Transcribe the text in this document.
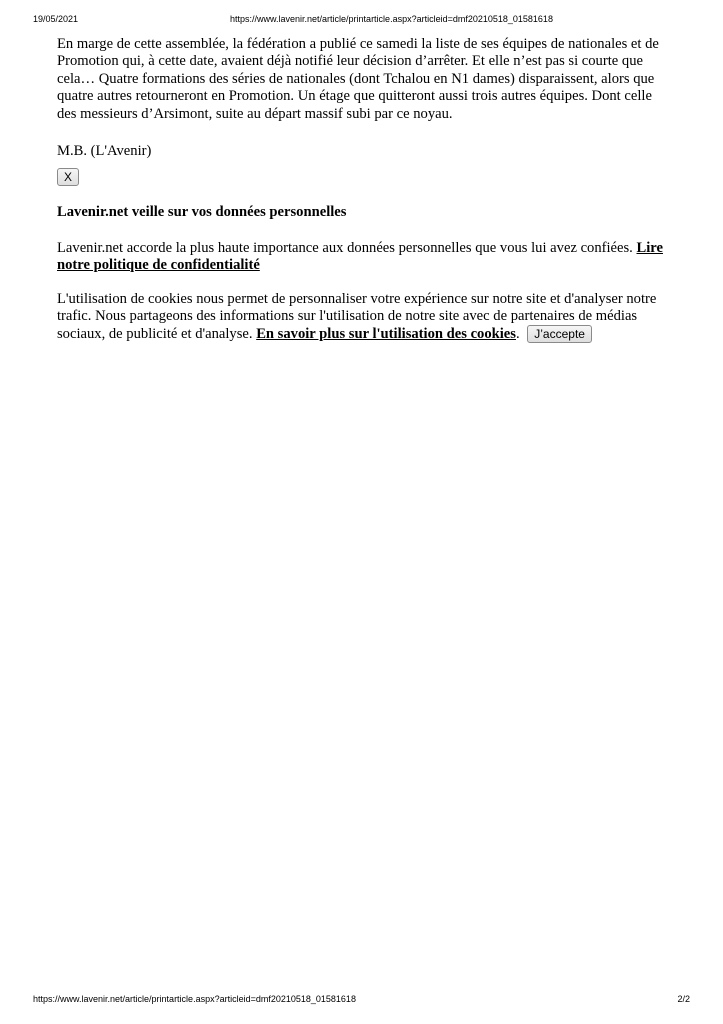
19/05/2021	https://www.lavenir.net/article/printarticle.aspx?articleid=dmf20210518_01581618

En marge de cette assemblée, la fédération a publié ce samedi la liste de ses équipes de nationales et de Promotion qui, à cette date, avaient déjà notifié leur décision d’arrêter. Et elle n’est pas si courte que cela… Quatre formations des séries de nationales (dont Tchalou en N1 dames) disparaissent, alors que quatre autres retourneront en Promotion. Un étage que quitteront aussi trois autres équipes. Dont celle des messieurs d’Arsimont, suite au départ massif subi par ce noyau.

M.B. (L'Avenir)

X

Lavenir.net veille sur vos données personnelles

Lavenir.net accorde la plus haute importance aux données personnelles que vous lui avez confiées. Lire notre politique de confidentialité

L'utilisation de cookies nous permet de personnaliser votre expérience sur notre site et d'analyser notre trafic. Nous partageons des informations sur l'utilisation de notre site avec de partenaires de médias sociaux, de publicité et d'analyse. En savoir plus sur l'utilisation des cookies. J’accepte

https://www.lavenir.net/article/printarticle.aspx?articleid=dmf20210518_01581618	2/2
